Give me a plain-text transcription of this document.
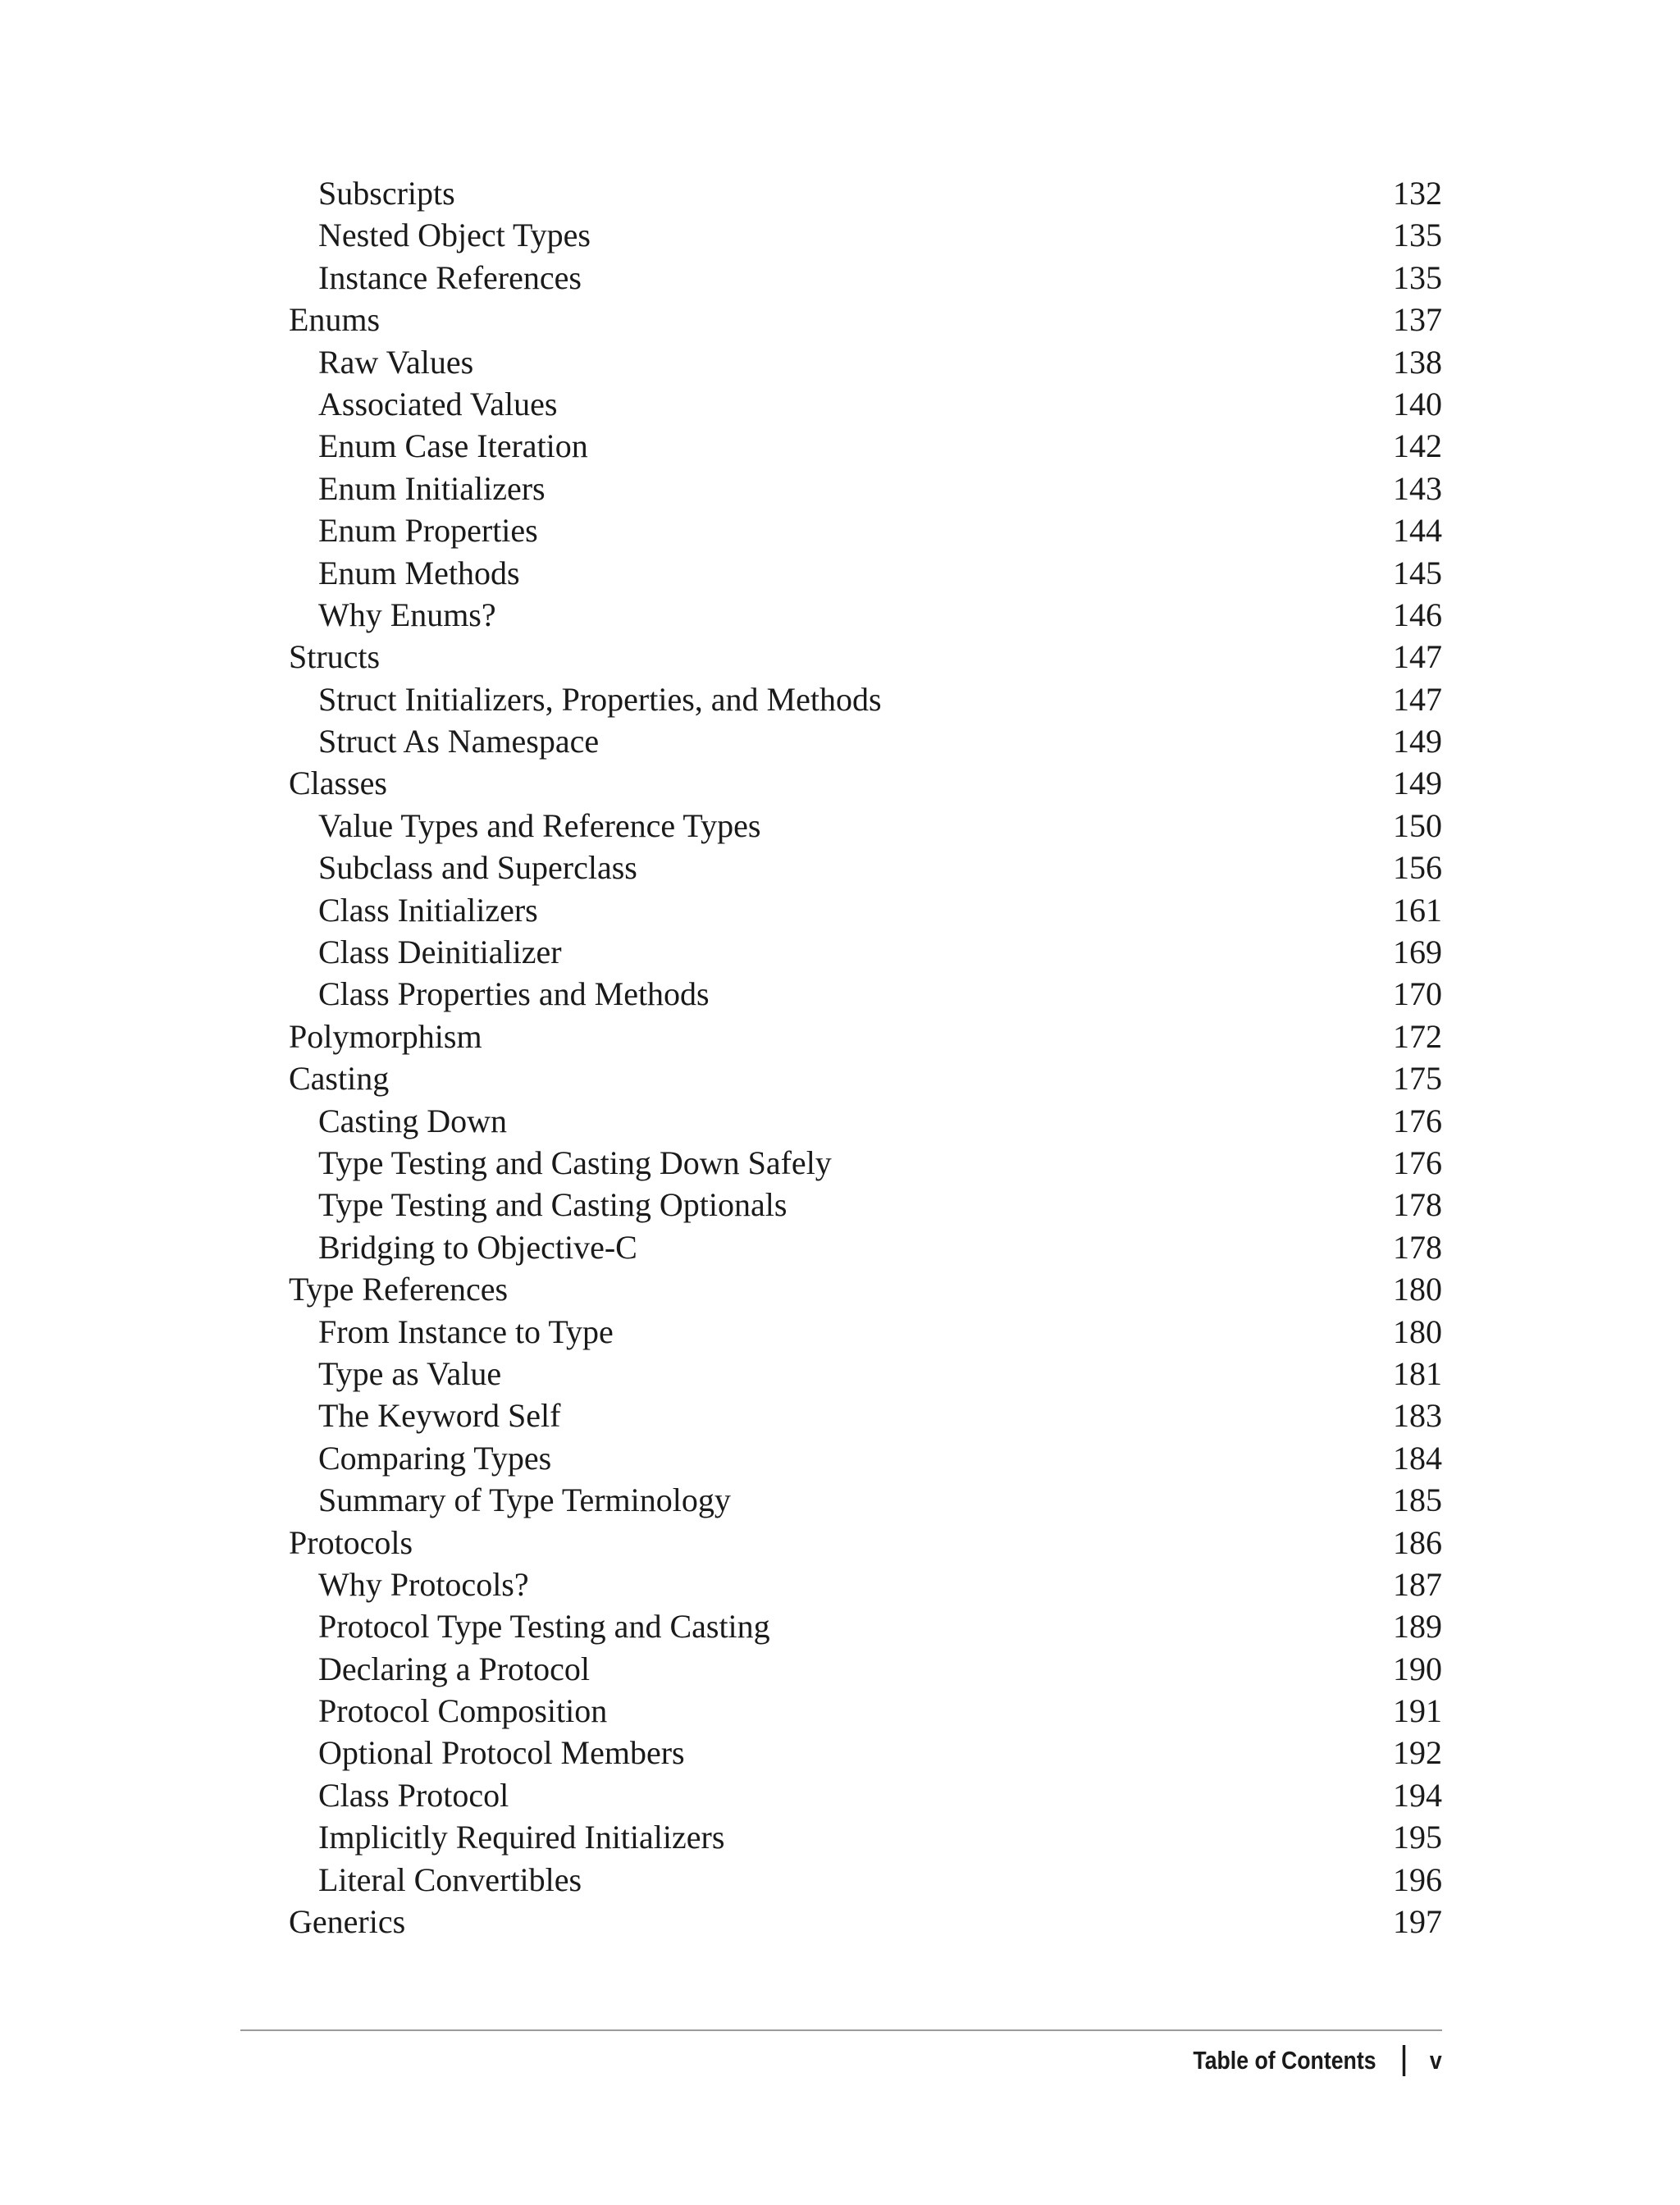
Subscripts	132
Nested Object Types	135
Instance References	135
Enums	137
Raw Values	138
Associated Values	140
Enum Case Iteration	142
Enum Initializers	143
Enum Properties	144
Enum Methods	145
Why Enums?	146
Structs	147
Struct Initializers, Properties, and Methods	147
Struct As Namespace	149
Classes	149
Value Types and Reference Types	150
Subclass and Superclass	156
Class Initializers	161
Class Deinitializer	169
Class Properties and Methods	170
Polymorphism	172
Casting	175
Casting Down	176
Type Testing and Casting Down Safely	176
Type Testing and Casting Optionals	178
Bridging to Objective-C	178
Type References	180
From Instance to Type	180
Type as Value	181
The Keyword Self	183
Comparing Types	184
Summary of Type Terminology	185
Protocols	186
Why Protocols?	187
Protocol Type Testing and Casting	189
Declaring a Protocol	190
Protocol Composition	191
Optional Protocol Members	192
Class Protocol	194
Implicitly Required Initializers	195
Literal Convertibles	196
Generics	197
Table of Contents v
